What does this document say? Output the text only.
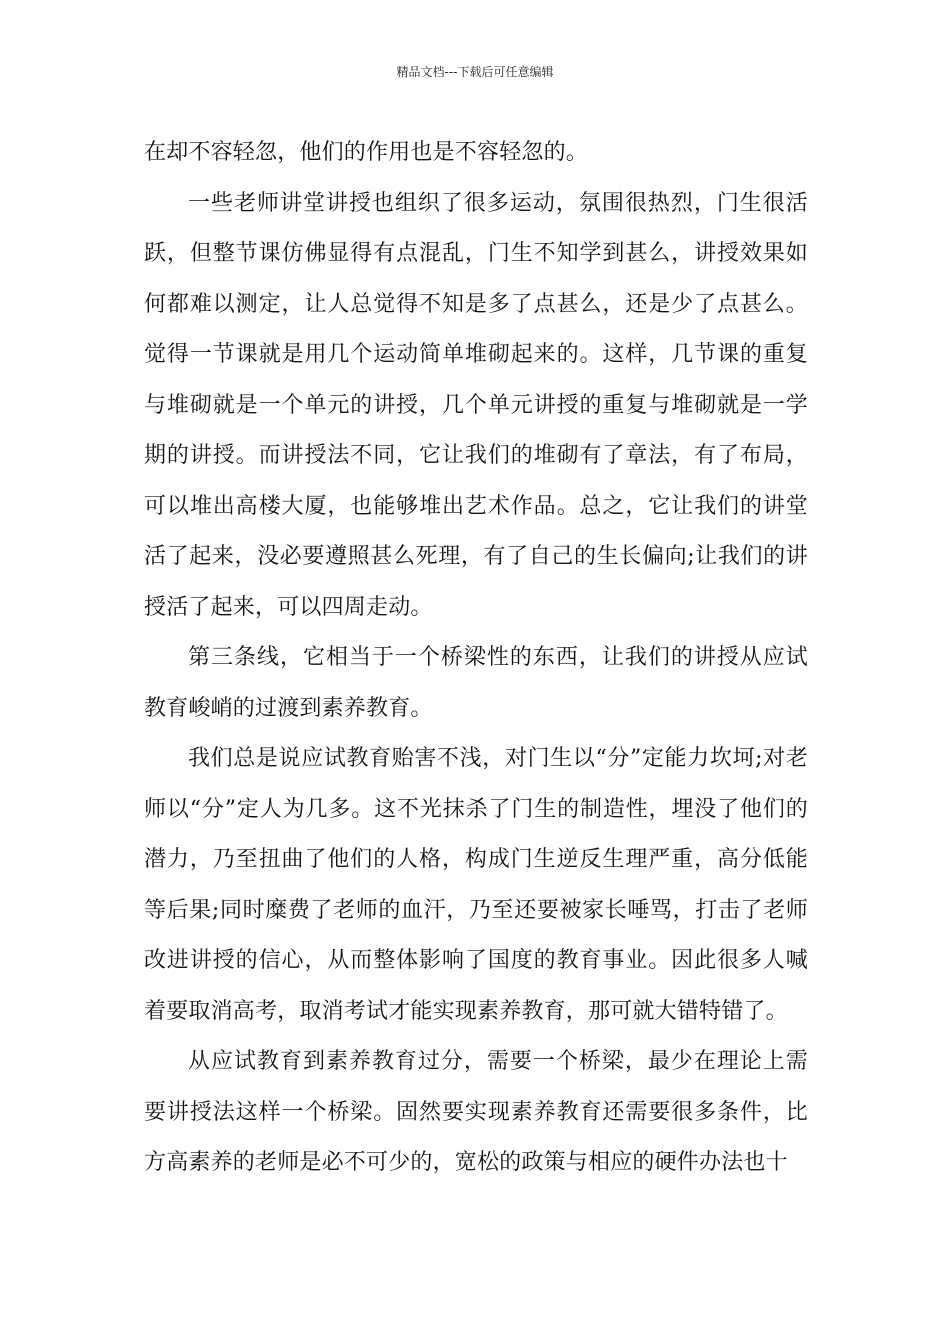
精品文档---下载后可任意编辑

在却不容轻忽，他们的作用也是不容轻忽的。

一些老师讲堂讲授也组织了很多运动，氛围很热烈，门生很活跃，但整节课仿佛显得有点混乱，门生不知学到甚么，讲授效果如何都难以测定，让人总觉得不知是多了点甚么，还是少了点甚么。觉得一节课就是用几个运动简单堆砌起来的。这样，几节课的重复与堆砌就是一个单元的讲授，几个单元讲授的重复与堆砌就是一学期的讲授。而讲授法不同，它让我们的堆砌有了章法，有了布局，可以堆出高楼大厦，也能够堆出艺术作品。总之，它让我们的讲堂活了起来，没必要遵照甚么死理，有了自己的生长偏向;让我们的讲授活了起来，可以四周走动。

第三条线，它相当于一个桥梁性的东西，让我们的讲授从应试教育峻峭的过渡到素养教育。

我们总是说应试教育贻害不浅，对门生以“分”定能力坎坷;对老师以“分”定人为几多。这不光抹杀了门生的制造性，埋没了他们的潜力，乃至扭曲了他们的人格，构成门生逆反生理严重，高分低能等后果;同时糜费了老师的血汗，乃至还要被家长唾骂，打击了老师改进讲授的信心，从而整体影响了国度的教育事业。因此很多人喊着要取消高考，取消考试才能实现素养教育，那可就大错特错了。

从应试教育到素养教育过分，需要一个桥梁，最少在理论上需要讲授法这样一个桥梁。固然要实现素养教育还需要很多条件，比方高素养的老师是必不可少的，宽松的政策与相应的硬件办法也十
